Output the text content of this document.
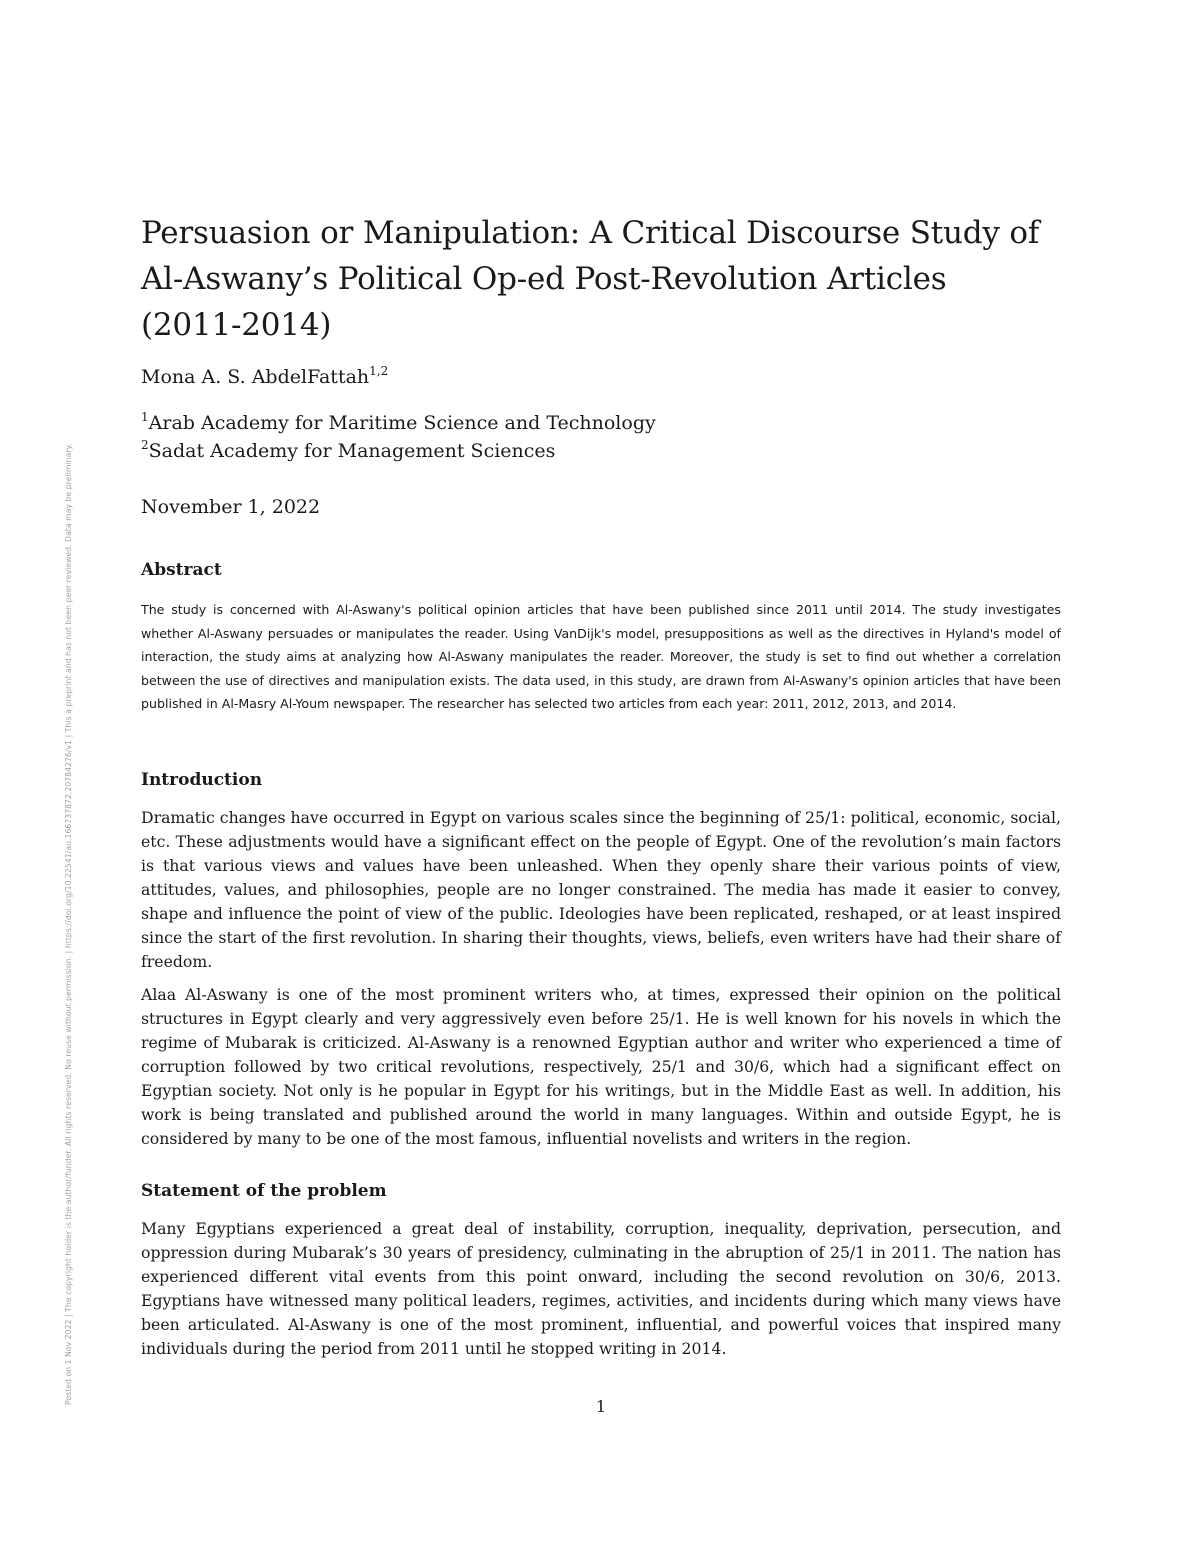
Posted on 1 Nov 2022 | The copyright holder is the author/funder. All rights reserved. No reuse without permission. | https://doi.org/10.22541/au.166737872.20784276/v1 | This a preprint and has not been peer reviewed. Data may be preliminary.
Persuasion or Manipulation: A Critical Discourse Study of
Al-Aswany’s Political Op-ed Post-Revolution Articles
(2011-2014)
Mona A. S. AbdelFattah$^{1,2}$
$^1$Arab Academy for Maritime Science and Technology
$^2$Sadat Academy for Management Sciences
November 1, 2022
Abstract

The study is concerned with Al-Aswany's political opinion articles that have been published since 2011 until 2014. The study investigates whether Al-Aswany persuades or manipulates the reader. Using VanDijk's model, presuppositions as well as the directives in Hyland's model of interaction, the study aims at analyzing how Al-Aswany manipulates the reader. Moreover, the study is set to find out whether a correlation between the use of directives and manipulation exists. The data used, in this study, are drawn from Al-Aswany's opinion articles that have been published in Al-Masry Al-Youm newspaper. The researcher has selected two articles from each year: 2011, 2012, 2013, and 2014.

Introduction

Dramatic changes have occurred in Egypt on various scales since the beginning of 25/1: political, economic, social, etc. These adjustments would have a significant effect on the people of Egypt. One of the revolution’s main factors is that various views and values have been unleashed. When they openly share their various points of view, attitudes, values, and philosophies, people are no longer constrained. The media has made it easier to convey, shape and influence the point of view of the public. Ideologies have been replicated, reshaped, or at least inspired since the start of the first revolution. In sharing their thoughts, views, beliefs, even writers have had their share of freedom.

Alaa Al-Aswany is one of the most prominent writers who, at times, expressed their opinion on the political structures in Egypt clearly and very aggressively even before 25/1. He is well known for his novels in which the regime of Mubarak is criticized. Al-Aswany is a renowned Egyptian author and writer who experienced a time of corruption followed by two critical revolutions, respectively, 25/1 and 30/6, which had a significant effect on Egyptian society. Not only is he popular in Egypt for his writings, but in the Middle East as well. In addition, his work is being translated and published around the world in many languages. Within and outside Egypt, he is considered by many to be one of the most famous, influential novelists and writers in the region.

Statement of the problem

Many Egyptians experienced a great deal of instability, corruption, inequality, deprivation, persecution, and oppression during Mubarak’s 30 years of presidency, culminating in the abruption of 25/1 in 2011. The nation has experienced different vital events from this point onward, including the second revolution on 30/6, 2013. Egyptians have witnessed many political leaders, regimes, activities, and incidents during which many views have been articulated. Al-Aswany is one of the most prominent, influential, and powerful voices that inspired many individuals during the period from 2011 until he stopped writing in 2014.

1
